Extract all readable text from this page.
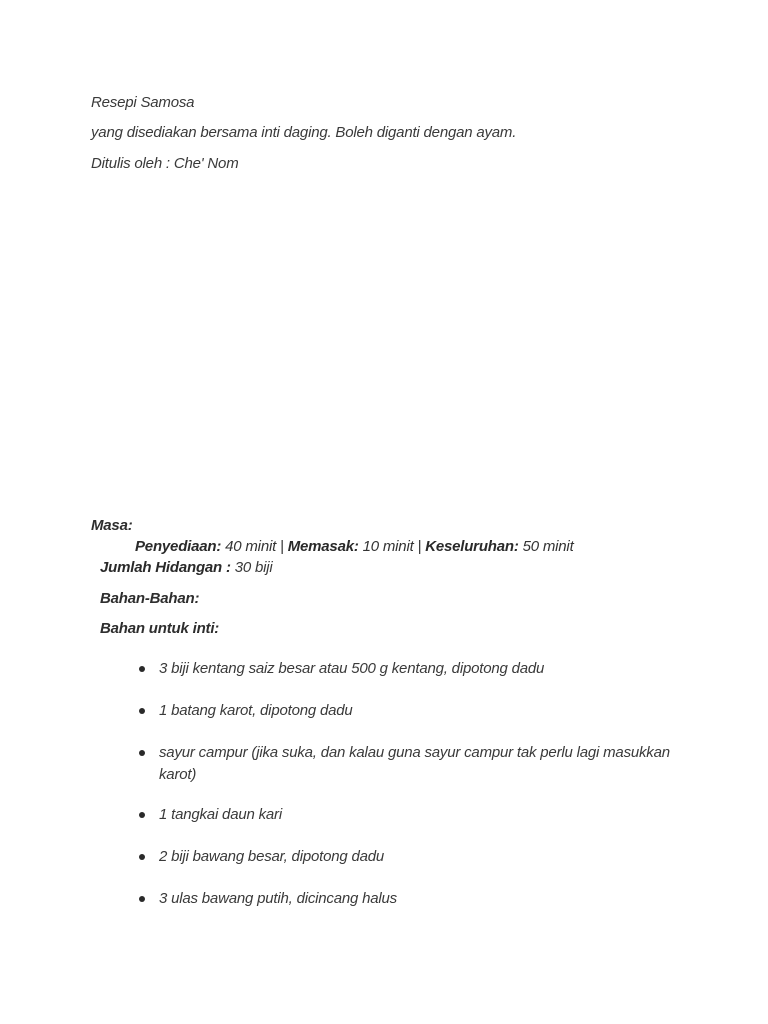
Resepi Samosa
yang disediakan bersama inti daging. Boleh diganti dengan ayam.
Ditulis oleh : Che' Nom
Masa:
Penyediaan: 40 minit | Memasak: 10 minit | Keseluruhan: 50 minit
Jumlah Hidangan : 30 biji
Bahan-Bahan:
Bahan untuk inti:
3 biji kentang saiz besar atau 500 g kentang, dipotong dadu
1 batang karot, dipotong dadu
sayur campur (jika suka, dan kalau guna sayur campur tak perlu lagi masukkan karot)
1 tangkai daun kari
2 biji bawang besar, dipotong dadu
3 ulas bawang putih, dicincang halus
